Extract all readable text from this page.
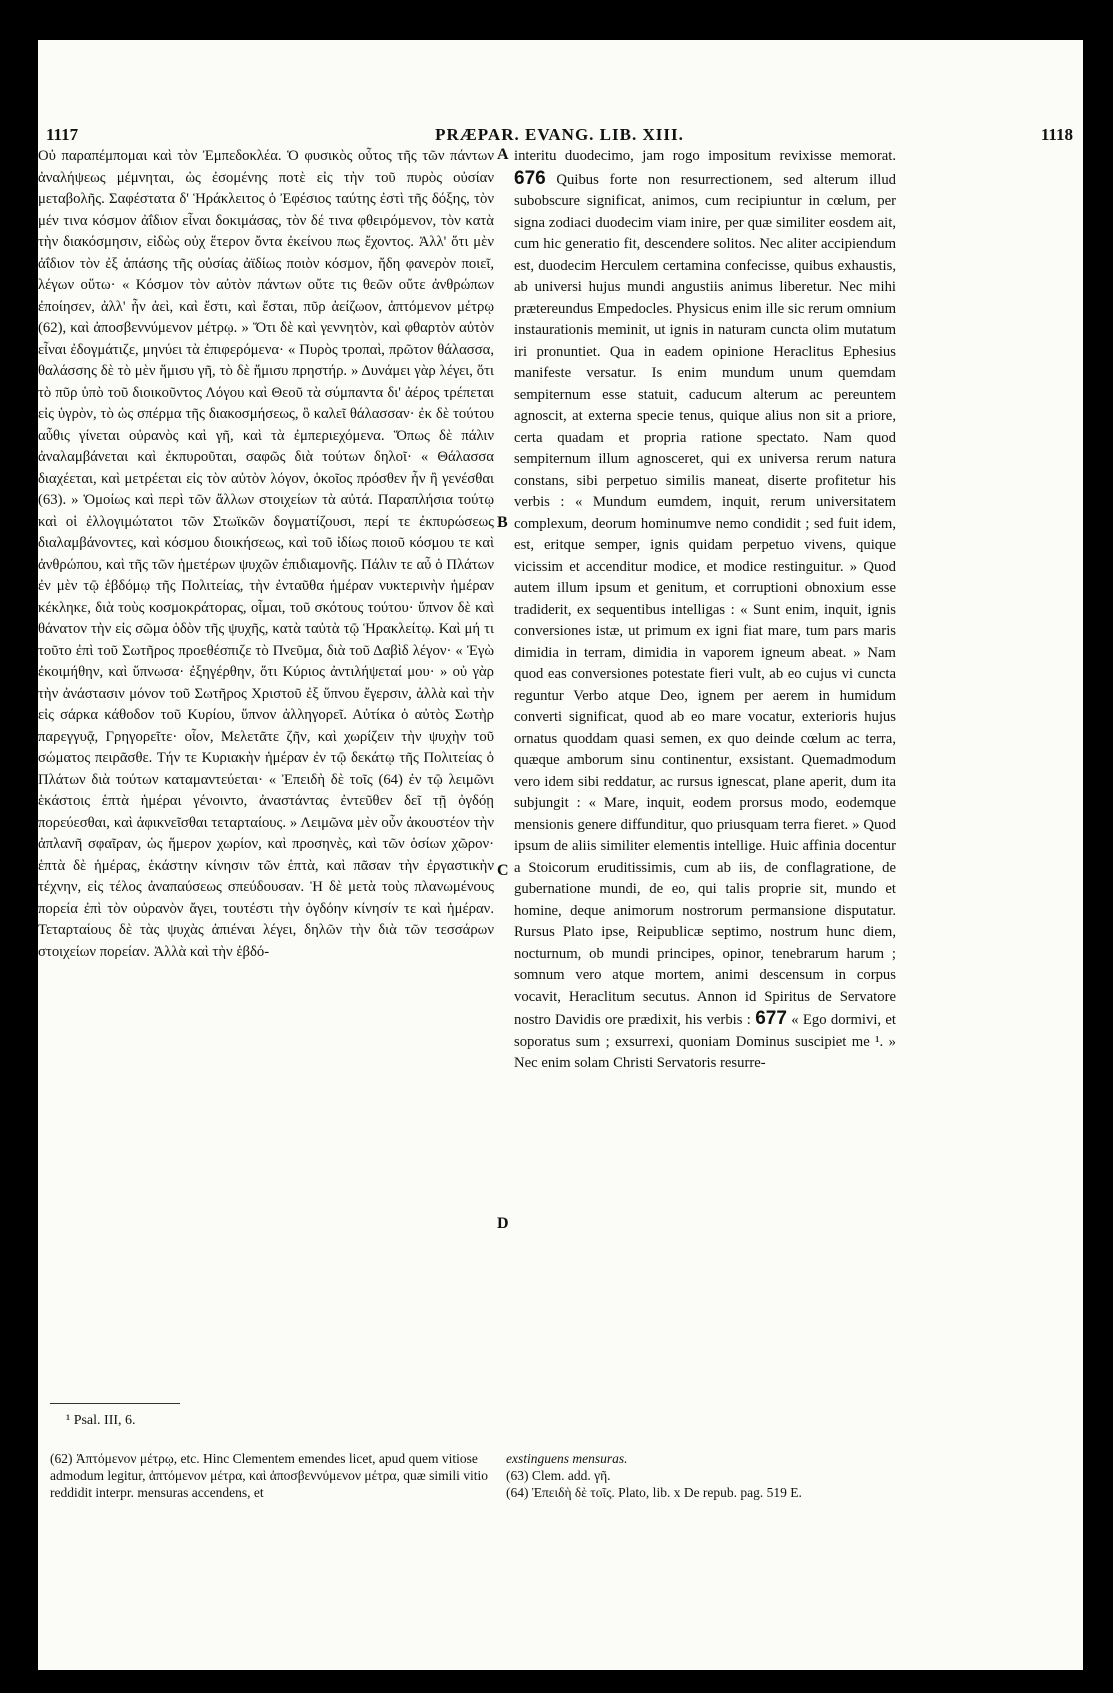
1117	PRÆPAR. EVANG. LIB. XIII.	1118

Οὐ παραπέμπομαι καὶ τὸν Ἐμπεδοκλέα. Ὁ φυσικὸς οὗτος τῆς τῶν πάντων ἀναλήψεως μέμνηται, ὡς ἐσομένης ποτὲ εἰς τὴν τοῦ πυρὸς οὐσίαν μεταβολῆς. Σαφέστατα δ' Ἡράκλειτος ὁ Ἐφέσιος ταύτης ἐστὶ τῆς δόξης, τὸν μέν τινα κόσμον ἀΐδιον εἶναι δοκιμάσας, τὸν δέ τινα φθειρόμενον, τὸν κατὰ τὴν διακόσμησιν, εἰδὼς οὐχ ἕτερον ὄντα ἐκείνου πως ἔχοντος. Ἀλλ' ὅτι μὲν ἀΐδιον τὸν ἐξ ἁπάσης τῆς οὐσίας ἀϊδίως ποιὸν κόσμον, ἤδη φανερὸν ποιεῖ, λέγων οὕτω· « Κόσμον τὸν αὐτὸν πάντων οὔτε τις θεῶν οὔτε ἀνθρώπων ἐποίησεν, ἀλλ' ἦν ἀεὶ, καὶ ἔστι, καὶ ἔσται, πῦρ ἀείζωον, ἁπτόμενον μέτρῳ (62), καὶ ἀποσβεννύμενον μέτρῳ. » Ὅτι δὲ καὶ γεννητὸν, καὶ φθαρτὸν αὐτὸν εἶναι ἐδογμάτιζε, μηνύει τὰ ἐπιφερόμενα· « Πυρὸς τροπαὶ, πρῶτον θάλασσα, θαλάσσης δὲ τὸ μὲν ἥμισυ γῆ, τὸ δὲ ἥμισυ πρηστήρ. » Δυνάμει γὰρ λέγει, ὅτι τὸ πῦρ ὑπὸ τοῦ διοικοῦντος Λόγου καὶ Θεοῦ τὰ σύμπαντα δι' ἀέρος τρέπεται εἰς ὑγρὸν, τὸ ὡς σπέρμα τῆς διακοσμήσεως, ὃ καλεῖ θάλασσαν· ἐκ δὲ τούτου αὖθις γίνεται οὐρανὸς καὶ γῆ, καὶ τὰ ἐμπεριεχόμενα. Ὅπως δὲ πάλιν ἀναλαμβάνεται καὶ ἐκπυροῦται, σαφῶς διὰ τούτων δηλοῖ· « Θάλασσα διαχέεται, καὶ μετρέεται εἰς τὸν αὐτὸν λόγον, ὁκοῖος πρόσθεν ἦν ἢ γενέσθαι (63). » Ὁμοίως καὶ περὶ τῶν ἄλλων στοιχείων τὰ αὐτά. Παραπλήσια τούτῳ καὶ οἱ ἐλλογιμώτατοι τῶν Στωϊκῶν δογματίζουσι, περί τε ἐκπυρώσεως διαλαμβάνοντες, καὶ κόσμου διοικήσεως, καὶ τοῦ ἰδίως ποιοῦ κόσμου τε καὶ ἀνθρώπου, καὶ τῆς τῶν ἡμετέρων ψυχῶν ἐπιδιαμονῆς. Πάλιν τε αὖ ὁ Πλάτων ἐν μὲν τῷ ἑβδόμῳ τῆς Πολιτείας, τὴν ἐνταῦθα ἡμέραν νυκτερινὴν ἡμέραν κέκληκε, διὰ τοὺς κοσμοκράτορας, οἶμαι, τοῦ σκότους τούτου· ὕπνον δὲ καὶ θάνατον τὴν εἰς σῶμα ὁδὸν τῆς ψυχῆς, κατὰ ταὐτὰ τῷ Ἡρακλείτῳ. Καὶ μή τι τοῦτο ἐπὶ τοῦ Σωτῆρος προεθέσπιζε τὸ Πνεῦμα, διὰ τοῦ Δαβὶδ λέγον· « Ἐγὼ ἐκοιμήθην, καὶ ὕπνωσα· ἐξηγέρθην, ὅτι Κύριος ἀντιλήψεταί μου· » οὐ γὰρ τὴν ἀνάστασιν μόνον τοῦ Σωτῆρος Χριστοῦ ἐξ ὕπνου ἔγερσιν, ἀλλὰ καὶ τὴν εἰς σάρκα κάθοδον τοῦ Κυρίου, ὕπνον ἀλληγορεῖ. Αὐτίκα ὁ αὐτὸς Σωτὴρ παρεγγυᾷ, Γρηγορεῖτε· οἷον, Μελετᾶτε ζῆν, καὶ χωρίζειν τὴν ψυχὴν τοῦ σώματος πειρᾶσθε. Τήν τε Κυριακὴν ἡμέραν ἐν τῷ δεκάτῳ τῆς Πολιτείας ὁ Πλάτων διὰ τούτων καταμαντεύεται· « Ἐπειδὴ δὲ τοῖς (64) ἐν τῷ λειμῶνι ἑκάστοις ἑπτὰ ἡμέραι γένοιντο, ἀναστάντας ἐντεῦθεν δεῖ τῇ ὀγδόῃ πορεύεσθαι, καὶ ἀφικνεῖσθαι τεταρταίους. » Λειμῶνα μὲν οὖν ἀκουστέον τὴν ἀπλανῆ σφαῖραν, ὡς ἥμερον χωρίον, καὶ προσηνὲς, καὶ τῶν ὁσίων χῶρον· ἑπτὰ δὲ ἡμέρας, ἑκάστην κίνησιν τῶν ἑπτὰ, καὶ πᾶσαν τὴν ἐργαστικὴν τέχνην, εἰς τέλος ἀναπαύσεως σπεύδουσαν. Ἡ δὲ μετὰ τοὺς πλανωμένους πορεία ἐπὶ τὸν οὐρανὸν ἄγει, τουτέστι τὴν ὀγδόην κίνησίν τε καὶ ἡμέραν. Τεταρταίους δὲ τὰς ψυχὰς ἀπιέναι λέγει, δηλῶν τὴν διὰ τῶν τεσσάρων στοιχείων πορείαν. Ἀλλὰ καὶ τὴν ἑβδό-

A
B
C
D

interitu duodecimo, jam rogo impositum revixisse memorat. 676 Quibus forte non resurrectionem, sed alterum illud subobscure significat, animos, cum recipiuntur in cœlum, per signa zodiaci duodecim viam inire, per quæ similiter eosdem ait, cum hic generatio fit, descendere solitos. Nec aliter accipiendum est, duodecim Herculem certamina confecisse, quibus exhaustis, ab universi hujus mundi angustiis animus liberetur. Nec mihi prætereundus Empedocles. Physicus enim ille sic rerum omnium instaurationis meminit, ut ignis in naturam cuncta olim mutatum iri pronuntiet. Qua in eadem opinione Heraclitus Ephesius manifeste versatur. Is enim mundum unum quemdam sempiternum esse statuit, caducum alterum ac pereuntem agnoscit, at externa specie tenus, quique alius non sit a priore, certa quadam et propria ratione spectato. Nam quod sempiternum illum agnosceret, qui ex universa rerum natura constans, sibi perpetuo similis maneat, diserte profitetur his verbis : « Mundum eumdem, inquit, rerum universitatem complexum, deorum hominumve nemo condidit ; sed fuit idem, est, eritque semper, ignis quidam perpetuo vivens, quique vicissim et accenditur modice, et modice restinguitur. » Quod autem illum ipsum et genitum, et corruptioni obnoxium esse tradiderit, ex sequentibus intelligas : « Sunt enim, inquit, ignis conversiones istæ, ut primum ex igni fiat mare, tum pars maris dimidia in terram, dimidia in vaporem igneum abeat. » Nam quod eas conversiones potestate fieri vult, ab eo cujus vi cuncta reguntur Verbo atque Deo, ignem per aerem in humidum converti significat, quod ab eo mare vocatur, exterioris hujus ornatus quoddam quasi semen, ex quo deinde cœlum ac terra, quæque amborum sinu continentur, exsistant. Quemadmodum vero idem sibi reddatur, ac rursus ignescat, plane aperit, dum ita subjungit : « Mare, inquit, eodem prorsus modo, eodemque mensionis genere diffunditur, quo priusquam terra fieret. » Quod ipsum de aliis similiter elementis intellige. Huic affinia docentur a Stoicorum eruditissimis, cum ab iis, de conflagratione, de gubernatione mundi, de eo, qui talis proprie sit, mundo et homine, deque animorum nostrorum permansione disputatur. Rursus Plato ipse, Reipublicæ septimo, nostrum hunc diem, nocturnum, ob mundi principes, opinor, tenebrarum harum ; somnum vero atque mortem, animi descensum in corpus vocavit, Heraclitum secutus. Annon id Spiritus de Servatore nostro Davidis ore prædixit, his verbis : 677 « Ego dormivi, et soporatus sum ; exsurrexi, quoniam Dominus suscipiet me ¹. » Nec enim solam Christi Servatoris resurre-

¹ Psal. III, 6.

(62) Ἁπτόμενον μέτρῳ, etc. Hinc Clementem emendes licet, apud quem vitiose admodum legitur, ἁπτόμενον μέτρα, καὶ ἀποσβεννύμενον μέτρα, quæ simili vitio reddidit interpr. mensuras accendens, et

exstinguens mensuras.

(63) Clem. add. γῆ.

(64) Ἐπειδὴ δὲ τοῖς. Plato, lib. x De repub. pag. 519 E.
